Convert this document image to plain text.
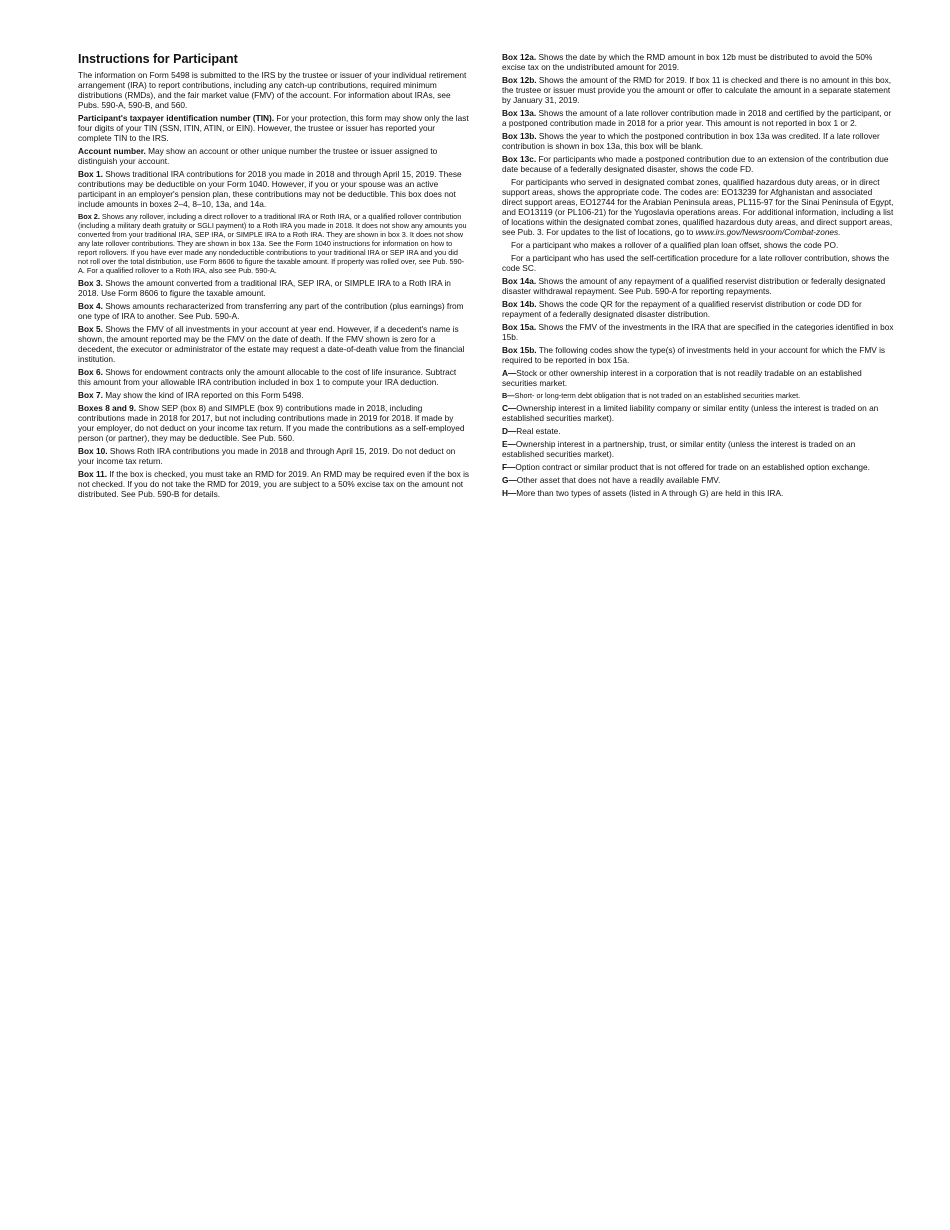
Instructions for Participant

The information on Form 5498 is submitted to the IRS by the trustee or issuer of your individual retirement arrangement (IRA) to report contributions, including any catch-up contributions, required minimum distributions (RMDs), and the fair market value (FMV) of the account. For information about IRAs, see Pubs. 590-A, 590-B, and 560.

Participant's taxpayer identification number (TIN). For your protection, this form may show only the last four digits of your TIN (SSN, ITIN, ATIN, or EIN). However, the trustee or issuer has reported your complete TIN to the IRS.

Account number. May show an account or other unique number the trustee or issuer assigned to distinguish your account.

Box 1. Shows traditional IRA contributions for 2018 you made in 2018 and through April 15, 2019. These contributions may be deductible on your Form 1040. However, if you or your spouse was an active participant in an employer's pension plan, these contributions may not be deductible. This box does not include amounts in boxes 2–4, 8–10, 13a, and 14a.

Box 2. Shows any rollover, including a direct rollover to a traditional IRA or Roth IRA, or a qualified rollover contribution (including a military death gratuity or SGLI payment) to a Roth IRA you made in 2018. It does not show any amounts you converted from your traditional IRA, SEP IRA, or SIMPLE IRA to a Roth IRA. They are shown in box 3. It does not show any late rollover contributions. They are shown in box 13a. See the Form 1040 instructions for information on how to report rollovers. If you have ever made any nondeductible contributions to your traditional IRA or SEP IRA and you did not roll over the total distribution, use Form 8606 to figure the taxable amount. If property was rolled over, see Pub. 590-A. For a qualified rollover to a Roth IRA, also see Pub. 590-A.

Box 3. Shows the amount converted from a traditional IRA, SEP IRA, or SIMPLE IRA to a Roth IRA in 2018. Use Form 8606 to figure the taxable amount.

Box 4. Shows amounts recharacterized from transferring any part of the contribution (plus earnings) from one type of IRA to another. See Pub. 590-A.

Box 5. Shows the FMV of all investments in your account at year end. However, if a decedent's name is shown, the amount reported may be the FMV on the date of death. If the FMV shown is zero for a decedent, the executor or administrator of the estate may request a date-of-death value from the financial institution.

Box 6. Shows for endowment contracts only the amount allocable to the cost of life insurance. Subtract this amount from your allowable IRA contribution included in box 1 to compute your IRA deduction.

Box 7. May show the kind of IRA reported on this Form 5498.

Boxes 8 and 9. Show SEP (box 8) and SIMPLE (box 9) contributions made in 2018, including contributions made in 2018 for 2017, but not including contributions made in 2019 for 2018. If made by your employer, do not deduct on your income tax return. If you made the contributions as a self-employed person (or partner), they may be deductible. See Pub. 560.

Box 10. Shows Roth IRA contributions you made in 2018 and through April 15, 2019. Do not deduct on your income tax return.

Box 11. If the box is checked, you must take an RMD for 2019. An RMD may be required even if the box is not checked. If you do not take the RMD for 2019, you are subject to a 50% excise tax on the amount not distributed. See Pub. 590-B for details.

Box 12a. Shows the date by which the RMD amount in box 12b must be distributed to avoid the 50% excise tax on the undistributed amount for 2019.

Box 12b. Shows the amount of the RMD for 2019. If box 11 is checked and there is no amount in this box, the trustee or issuer must provide you the amount or offer to calculate the amount in a separate statement by January 31, 2019.

Box 13a. Shows the amount of a late rollover contribution made in 2018 and certified by the participant, or a postponed contribution made in 2018 for a prior year. This amount is not reported in box 1 or 2.

Box 13b. Shows the year to which the postponed contribution in box 13a was credited. If a late rollover contribution is shown in box 13a, this box will be blank.

Box 13c. For participants who made a postponed contribution due to an extension of the contribution due date because of a federally designated disaster, shows the code FD.

For participants who served in designated combat zones, qualified hazardous duty areas, or in direct support areas, shows the appropriate code. The codes are: EO13239 for Afghanistan and associated direct support areas, EO12744 for the Arabian Peninsula areas, PL115-97 for the Sinai Peninsula of Egypt, and EO13119 (or PL106-21) for the Yugoslavia operations areas. For additional information, including a list of locations within the designated combat zones, qualified hazardous duty areas, and direct support areas, see Pub. 3. For updates to the list of locations, go to www.irs.gov/Newsroom/Combat-zones.

For a participant who makes a rollover of a qualified plan loan offset, shows the code PO.

For a participant who has used the self-certification procedure for a late rollover contribution, shows the code SC.

Box 14a. Shows the amount of any repayment of a qualified reservist distribution or federally designated disaster withdrawal repayment. See Pub. 590-A for reporting repayments.

Box 14b. Shows the code QR for the repayment of a qualified reservist distribution or code DD for repayment of a federally designated disaster distribution.

Box 15a. Shows the FMV of the investments in the IRA that are specified in the categories identified in box 15b.

Box 15b. The following codes show the type(s) of investments held in your account for which the FMV is required to be reported in box 15a.

A—Stock or other ownership interest in a corporation that is not readily tradable on an established securities market.

B—Short- or long-term debt obligation that is not traded on an established securities market.

C—Ownership interest in a limited liability company or similar entity (unless the interest is traded on an established securities market).

D—Real estate.

E—Ownership interest in a partnership, trust, or similar entity (unless the interest is traded on an established securities market).

F—Option contract or similar product that is not offered for trade on an established option exchange.

G—Other asset that does not have a readily available FMV.

H—More than two types of assets (listed in A through G) are held in this IRA.
